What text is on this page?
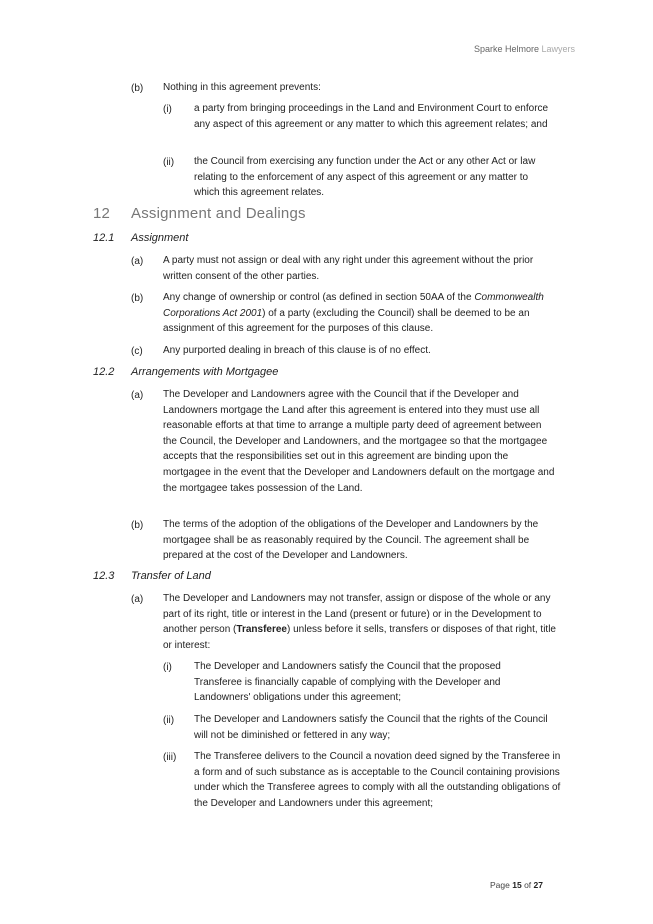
Sparke Helmore Lawyers
(b) Nothing in this agreement prevents:
(i) a party from bringing proceedings in the Land and Environment Court to enforce any aspect of this agreement or any matter to which this agreement relates; and
(ii) the Council from exercising any function under the Act or any other Act or law relating to the enforcement of any aspect of this agreement or any matter to which this agreement relates.
12 Assignment and Dealings
12.1 Assignment
(a) A party must not assign or deal with any right under this agreement without the prior written consent of the other parties.
(b) Any change of ownership or control (as defined in section 50AA of the Commonwealth Corporations Act 2001) of a party (excluding the Council) shall be deemed to be an assignment of this agreement for the purposes of this clause.
(c) Any purported dealing in breach of this clause is of no effect.
12.2 Arrangements with Mortgagee
(a) The Developer and Landowners agree with the Council that if the Developer and Landowners mortgage the Land after this agreement is entered into they must use all reasonable efforts at that time to arrange a multiple party deed of agreement between the Council, the Developer and Landowners, and the mortgagee so that the mortgagee accepts that the responsibilities set out in this agreement are binding upon the mortgagee in the event that the Developer and Landowners default on the mortgage and the mortgagee takes possession of the Land.
(b) The terms of the adoption of the obligations of the Developer and Landowners by the mortgagee shall be as reasonably required by the Council. The agreement shall be prepared at the cost of the Developer and Landowners.
12.3 Transfer of Land
(a) The Developer and Landowners may not transfer, assign or dispose of the whole or any part of its right, title or interest in the Land (present or future) or in the Development to another person (Transferee) unless before it sells, transfers or disposes of that right, title or interest:
(i) The Developer and Landowners satisfy the Council that the proposed Transferee is financially capable of complying with the Developer and Landowners' obligations under this agreement;
(ii) The Developer and Landowners satisfy the Council that the rights of the Council will not be diminished or fettered in any way;
(iii) The Transferee delivers to the Council a novation deed signed by the Transferee in a form and of such substance as is acceptable to the Council containing provisions under which the Transferee agrees to comply with all the outstanding obligations of the Developer and Landowners under this agreement;
Page 15 of 27
